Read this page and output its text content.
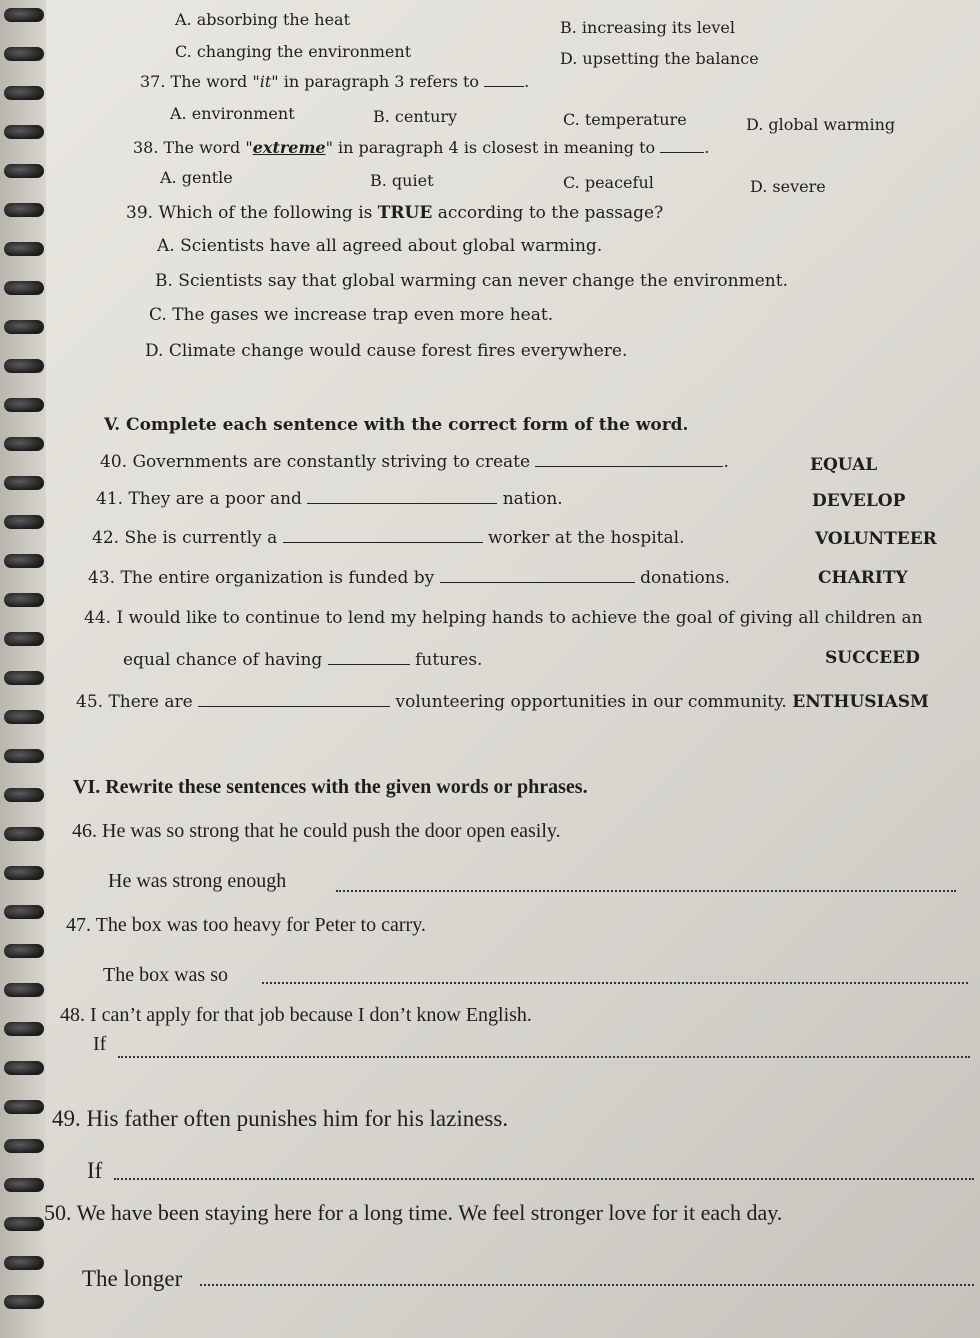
A. absorbing the heat	B. increasing its level
C. changing the environment	D. upsetting the balance
37. The word "it" in paragraph 3 refers to	.
A. environment	B. century	C. temperature	D. global warming
38. The word "extreme" in paragraph 4 is closest in meaning to	.
A. gentle	B. quiet	C. peaceful	D. severe
39. Which of the following is TRUE according to the passage?
A. Scientists have all agreed about global warming.
B. Scientists say that global warming can never change the environment.
C. The gases we increase trap even more heat.
D. Climate change would cause forest fires everywhere.
V. Complete each sentence with the correct form of the word.
40. Governments are constantly striving to create	.	EQUAL
41. They are a poor and	nation.	DEVELOP
42. She is currently a	worker at the hospital.	VOLUNTEER
43. The entire organization is funded by	donations.	CHARITY
44. I would like to continue to lend my helping hands to achieve the goal of giving all children an
equal chance of having	futures.	SUCCEED
45. There are	volunteering opportunities in our community. ENTHUSIASM
VI. Rewrite these sentences with the given words or phrases.
46. He was so strong that he could push the door open easily.
He was strong enough
47. The box was too heavy for Peter to carry.
The box was so
48. I can’t apply for that job because I don’t know English.
If
49. His father often punishes him for his laziness.
If
50. We have been staying here for a long time. We feel stronger love for it each day.
The longer
